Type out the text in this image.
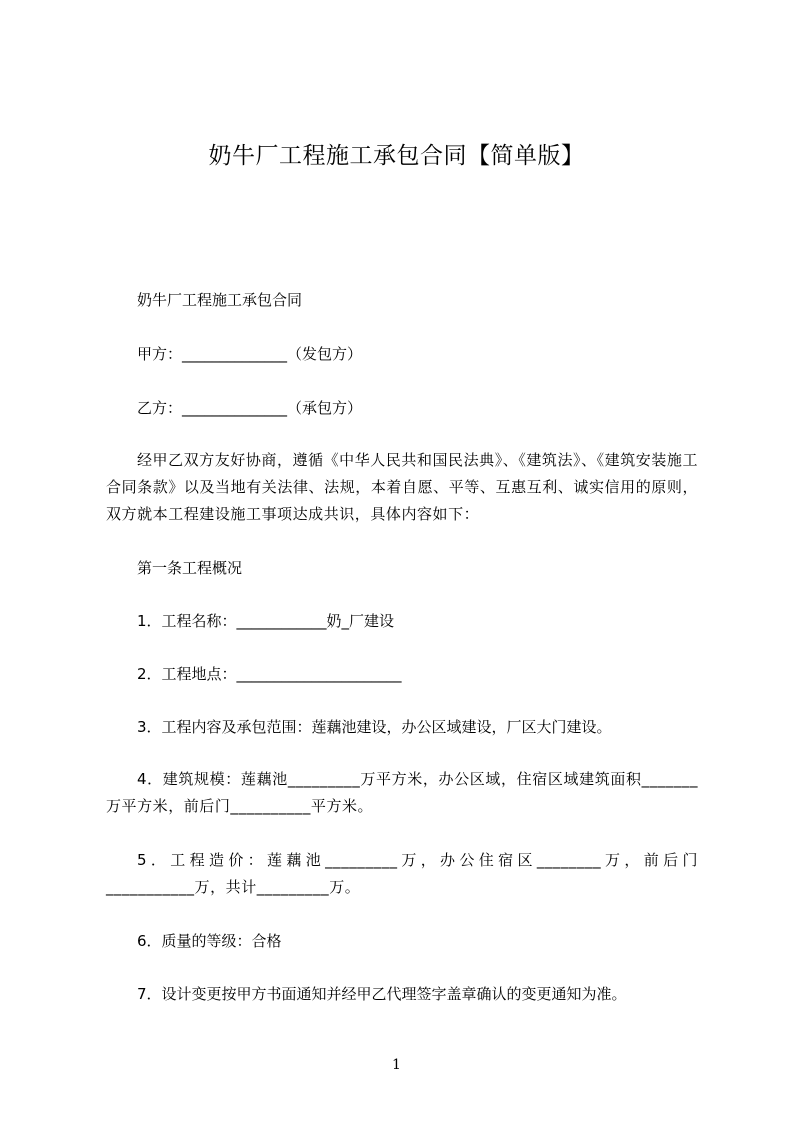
奶牛厂工程施工承包合同【简单版】
奶牛厂工程施工承包合同
甲方：______________（发包方）
乙方：______________（承包方）
经甲乙双方友好协商，遵循《中华人民共和国民法典》、《建筑法》、《建筑安装施工合同条款》以及当地有关法律、法规，本着自愿、平等、互惠互利、诚实信用的原则，双方就本工程建设施工事项达成共识，具体内容如下：
第一条工程概况
1．工程名称：____________奶_厂建设
2．工程地点：______________________
3．工程内容及承包范围：莲藕池建设，办公区域建设，厂区大门建设。
4．建筑规模：莲藕池_________万平方米，办公区域，住宿区域建筑面积_______万平方米，前后门__________平方米。
5．工程造价：莲藕池_________万，办公住宿区________万，前后门___________万，共计_________万。
6．质量的等级：合格
7．设计变更按甲方书面通知并经甲乙代理签字盖章确认的变更通知为准。
1
